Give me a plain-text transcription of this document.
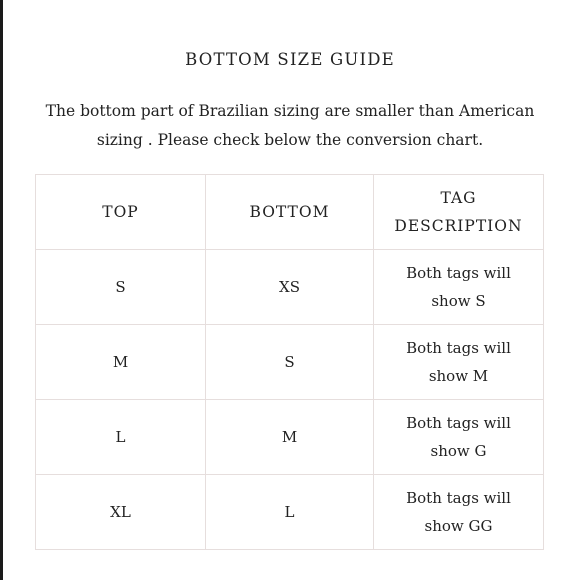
BOTTOM SIZE GUIDE
The bottom part of Brazilian sizing are smaller than American sizing . Please check below the conversion chart.
TOP	BOTTOM	TAG
DESCRIPTION
S	XS	Both tags will
show S
M	S	Both tags will
show M
L	M	Both tags will
show G
XL	L	Both tags will
show GG
